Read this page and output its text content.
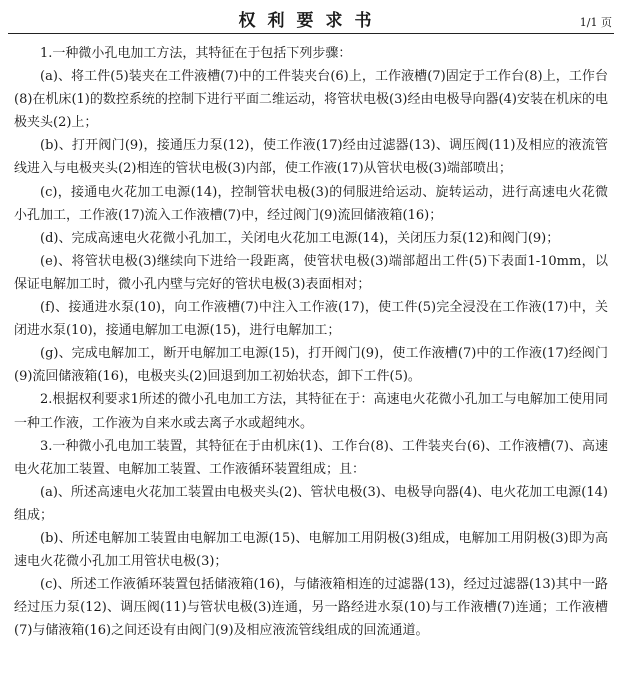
权利要求书	1/1 页

1.一种微小孔电加工方法，其特征在于包括下列步骤：

(a)、将工件(5)装夹在工件液槽(7)中的工件装夹台(6)上，工作液槽(7)固定于工作台(8)上，工作台(8)在机床(1)的数控系统的控制下进行平面二维运动，将管状电极(3)经由电极导向器(4)安装在机床的电极夹头(2)上；

(b)、打开阀门(9)，接通压力泵(12)，使工作液(17)经由过滤器(13)、调压阀(11)及相应的液流管线进入与电极夹头(2)相连的管状电极(3)内部，使工作液(17)从管状电极(3)端部喷出；

(c)，接通电火花加工电源(14)，控制管状电极(3)的伺服进给运动、旋转运动，进行高速电火花微小孔加工，工作液(17)流入工作液槽(7)中，经过阀门(9)流回储液箱(16)；

(d)、完成高速电火花微小孔加工，关闭电火花加工电源(14)，关闭压力泵(12)和阀门(9)；

(e)、将管状电极(3)继续向下进给一段距离，使管状电极(3)端部超出工件(5)下表面1-10mm，以保证电解加工时，微小孔内壁与完好的管状电极(3)表面相对；

(f)、接通进水泵(10)，向工作液槽(7)中注入工作液(17)，使工件(5)完全浸没在工作液(17)中，关闭进水泵(10)，接通电解加工电源(15)，进行电解加工；

(g)、完成电解加工，断开电解加工电源(15)，打开阀门(9)，使工作液槽(7)中的工作液(17)经阀门(9)流回储液箱(16)，电极夹头(2)回退到加工初始状态，卸下工件(5)。

2.根据权利要求1所述的微小孔电加工方法，其特征在于：高速电火花微小孔加工与电解加工使用同一种工作液，工作液为自来水或去离子水或超纯水。

3.一种微小孔电加工装置，其特征在于由机床(1)、工作台(8)、工件装夹台(6)、工作液槽(7)、高速电火花加工装置、电解加工装置、工作液循环装置组成；且：

(a)、所述高速电火花加工装置由电极夹头(2)、管状电极(3)、电极导向器(4)、电火花加工电源(14)组成；

(b)、所述电解加工装置由电解加工电源(15)、电解加工用阴极(3)组成，电解加工用阴极(3)即为高速电火花微小孔加工用管状电极(3)；

(c)、所述工作液循环装置包括储液箱(16)，与储液箱相连的过滤器(13)，经过过滤器(13)其中一路经过压力泵(12)、调压阀(11)与管状电极(3)连通，另一路经进水泵(10)与工作液槽(7)连通；工作液槽(7)与储液箱(16)之间还设有由阀门(9)及相应液流管线组成的回流通道。
